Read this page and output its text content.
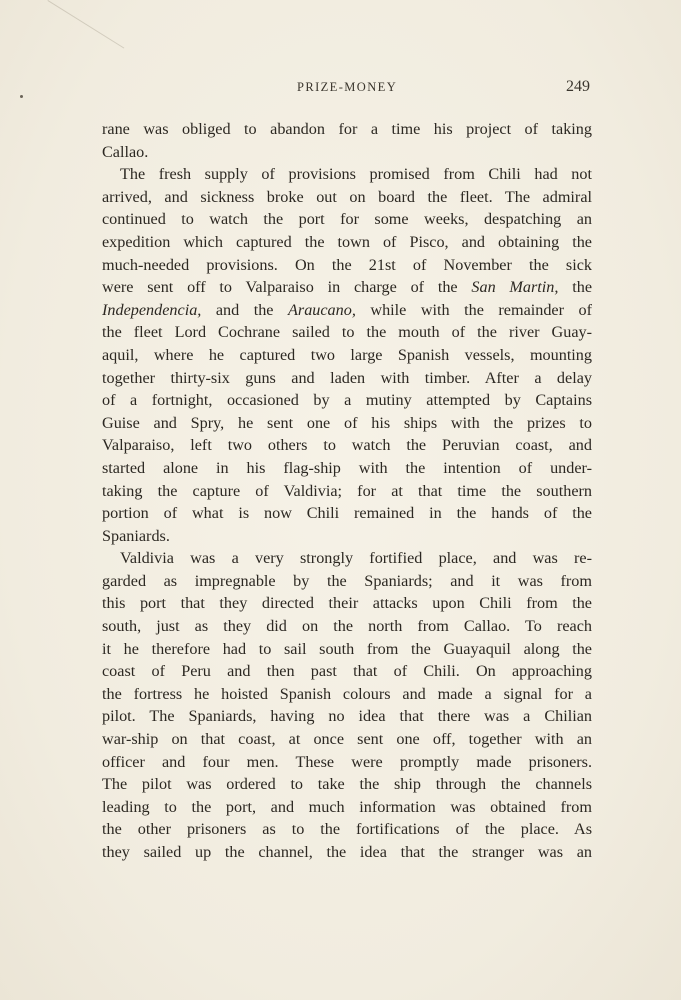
PRIZE-MONEY	249
rane was obliged to abandon for a time his project of taking
Callao.
The fresh supply of provisions promised from Chili had not
arrived, and sickness broke out on board the fleet. The admiral
continued to watch the port for some weeks, despatching an
expedition which captured the town of Pisco, and obtaining the
much-needed provisions. On the 21st of November the sick
were sent off to Valparaiso in charge of the San Martin, the
Independencia, and the Araucano, while with the remainder of
the fleet Lord Cochrane sailed to the mouth of the river Guay-
aquil, where he captured two large Spanish vessels, mounting
together thirty-six guns and laden with timber. After a delay
of a fortnight, occasioned by a mutiny attempted by Captains
Guise and Spry, he sent one of his ships with the prizes to
Valparaiso, left two others to watch the Peruvian coast, and
started alone in his flag-ship with the intention of under-
taking the capture of Valdivia; for at that time the southern
portion of what is now Chili remained in the hands of the
Spaniards.
Valdivia was a very strongly fortified place, and was re-
garded as impregnable by the Spaniards; and it was from
this port that they directed their attacks upon Chili from the
south, just as they did on the north from Callao. To reach
it he therefore had to sail south from the Guayaquil along the
coast of Peru and then past that of Chili. On approaching
the fortress he hoisted Spanish colours and made a signal for a
pilot. The Spaniards, having no idea that there was a Chilian
war-ship on that coast, at once sent one off, together with an
officer and four men. These were promptly made prisoners.
The pilot was ordered to take the ship through the channels
leading to the port, and much information was obtained from
the other prisoners as to the fortifications of the place. As
they sailed up the channel, the idea that the stranger was an
